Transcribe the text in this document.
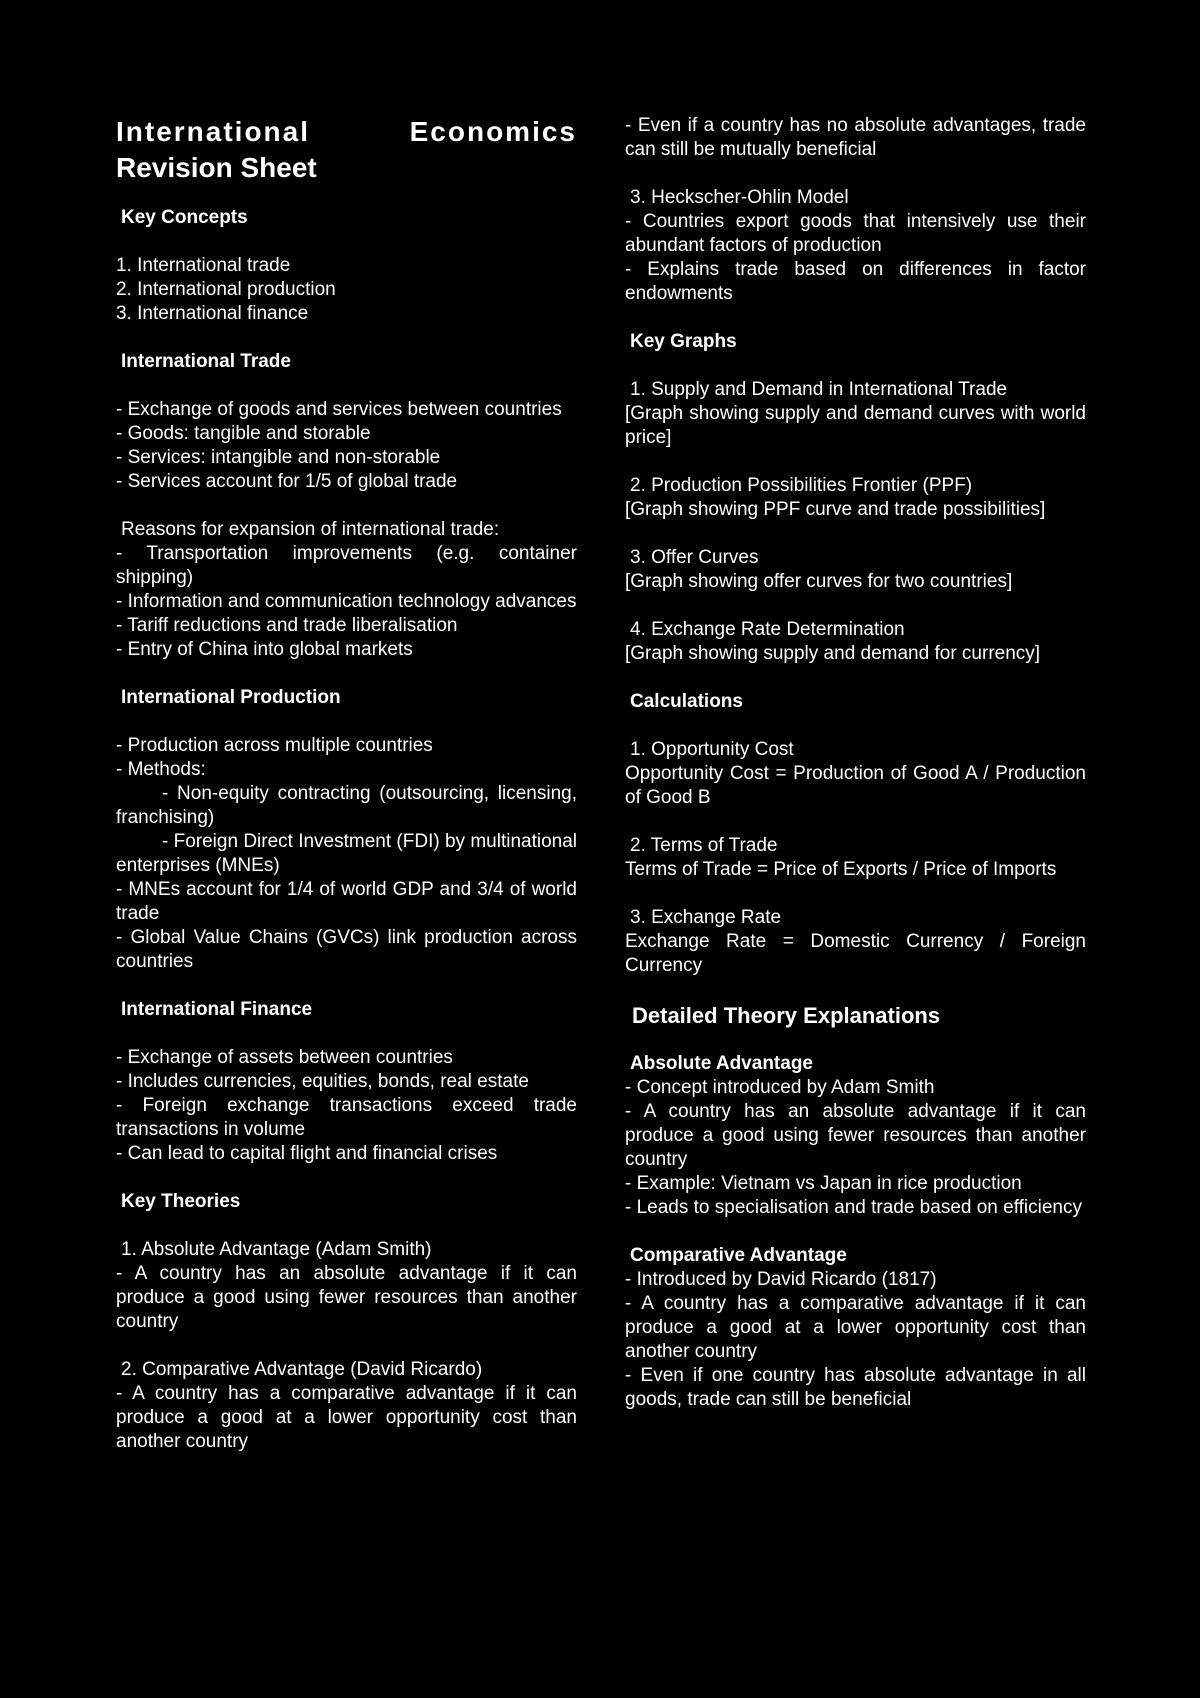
International	Economics
Revision Sheet
Key Concepts
1. International trade
2. International production
3. International finance
International Trade
- Exchange of goods and services between countries
- Goods: tangible and storable
- Services: intangible and non-storable
- Services account for 1/5 of global trade
Reasons for expansion of international trade:
- Transportation improvements (e.g. container shipping)
- Information and communication technology advances
- Tariff reductions and trade liberalisation
- Entry of China into global markets
International Production
- Production across multiple countries
- Methods:
- Non-equity contracting (outsourcing, licensing, franchising)
- Foreign Direct Investment (FDI) by multinational enterprises (MNEs)
- MNEs account for 1/4 of world GDP and 3/4 of world trade
- Global Value Chains (GVCs) link production across countries
International Finance
- Exchange of assets between countries
- Includes currencies, equities, bonds, real estate
- Foreign exchange transactions exceed trade transactions in volume
- Can lead to capital flight and financial crises
Key Theories
1. Absolute Advantage (Adam Smith)
- A country has an absolute advantage if it can produce a good using fewer resources than another country
2. Comparative Advantage (David Ricardo)
- A country has a comparative advantage if it can produce a good at a lower opportunity cost than another country
- Even if a country has no absolute advantages, trade can still be mutually beneficial
3. Heckscher-Ohlin Model
- Countries export goods that intensively use their abundant factors of production
- Explains trade based on differences in factor endowments
Key Graphs
1. Supply and Demand in International Trade
[Graph showing supply and demand curves with world price]
2. Production Possibilities Frontier (PPF)
[Graph showing PPF curve and trade possibilities]
3. Offer Curves
[Graph showing offer curves for two countries]
4. Exchange Rate Determination
[Graph showing supply and demand for currency]
Calculations
1. Opportunity Cost
Opportunity Cost = Production of Good A / Production of Good B
2. Terms of Trade
Terms of Trade = Price of Exports / Price of Imports
3. Exchange Rate
Exchange Rate = Domestic Currency / Foreign Currency
Detailed Theory Explanations
Absolute Advantage
- Concept introduced by Adam Smith
- A country has an absolute advantage if it can produce a good using fewer resources than another country
- Example: Vietnam vs Japan in rice production
- Leads to specialisation and trade based on efficiency
Comparative Advantage
- Introduced by David Ricardo (1817)
- A country has a comparative advantage if it can produce a good at a lower opportunity cost than another country
- Even if one country has absolute advantage in all goods, trade can still be beneficial
